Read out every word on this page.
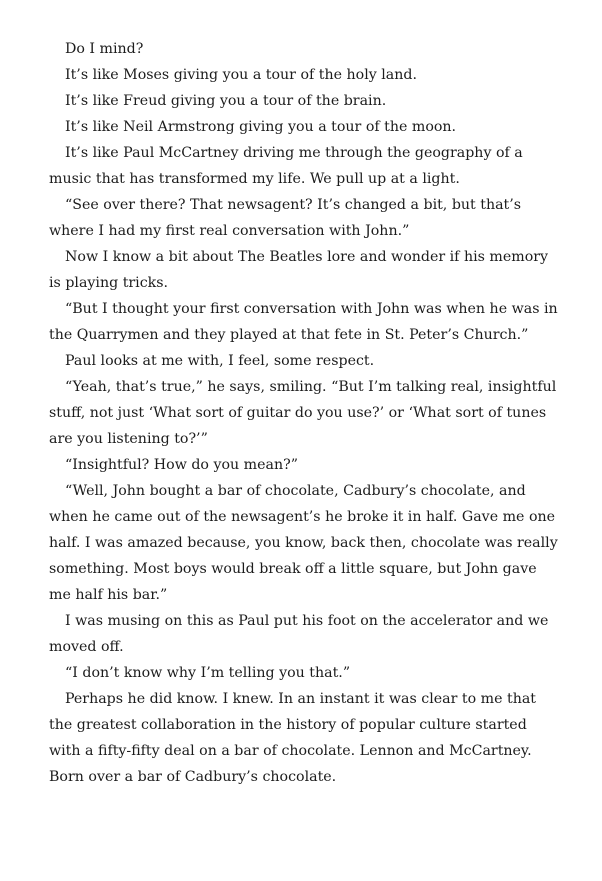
Do I mind?

It’s like Moses giving you a tour of the holy land.

It’s like Freud giving you a tour of the brain.

It’s like Neil Armstrong giving you a tour of the moon.

It’s like Paul McCartney driving me through the geography of a music that has transformed my life. We pull up at a light.

“See over there? That newsagent? It’s changed a bit, but that’s where I had my first real conversation with John.”

Now I know a bit about The Beatles lore and wonder if his memory is playing tricks.

“But I thought your first conversation with John was when he was in the Quarrymen and they played at that fete in St. Peter’s Church.”

Paul looks at me with, I feel, some respect.

“Yeah, that’s true,” he says, smiling. “But I’m talking real, insightful stuff, not just ‘What sort of guitar do you use?’ or ‘What sort of tunes are you listening to?’”

“Insightful? How do you mean?”

“Well, John bought a bar of chocolate, Cadbury’s chocolate, and when he came out of the newsagent’s he broke it in half. Gave me one half. I was amazed because, you know, back then, chocolate was really something. Most boys would break off a little square, but John gave me half his bar.”

I was musing on this as Paul put his foot on the accelerator and we moved off.

“I don’t know why I’m telling you that.”

Perhaps he did know. I knew. In an instant it was clear to me that the greatest collaboration in the history of popular culture started with a fifty-fifty deal on a bar of chocolate. Lennon and McCartney. Born over a bar of Cadbury’s chocolate.
